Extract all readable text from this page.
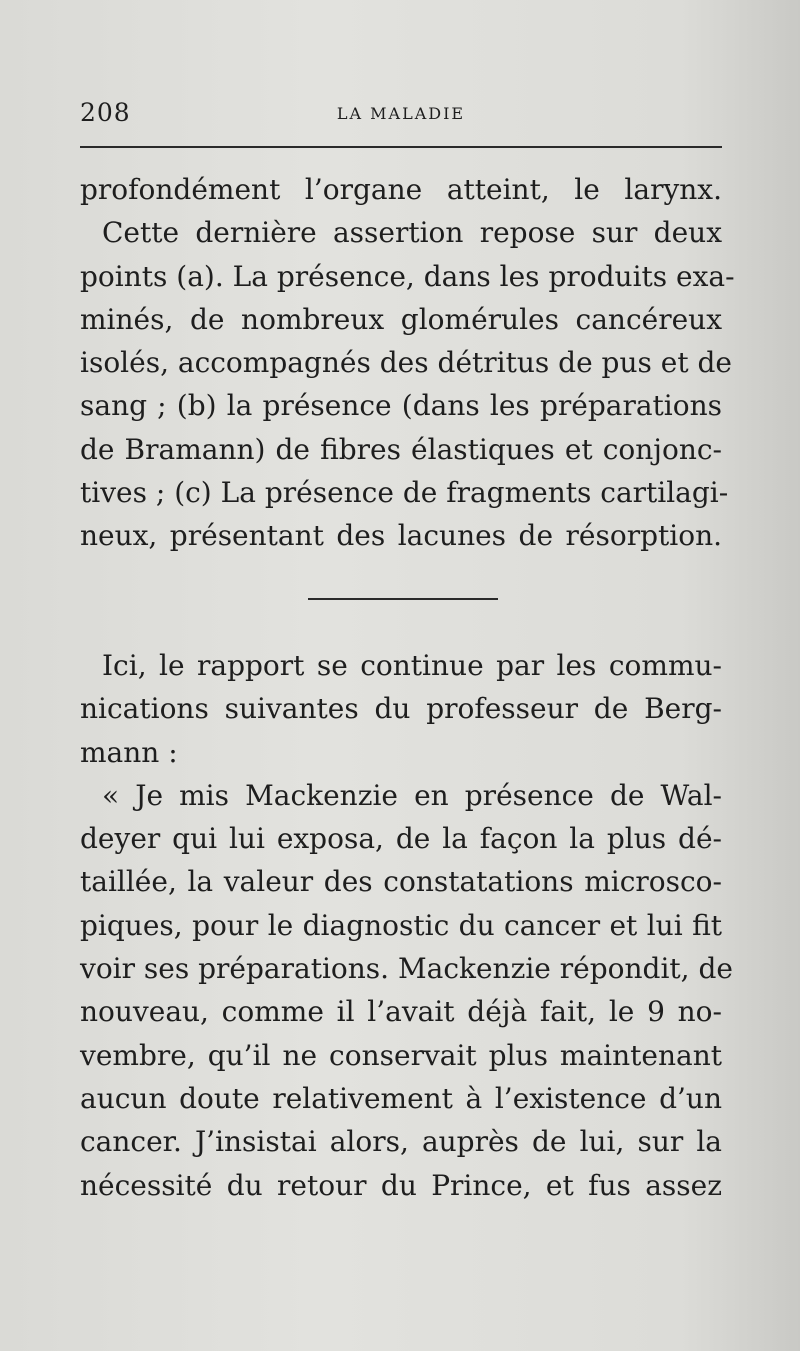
208	LA MALADIE
profondément l’organe atteint, le larynx.
Cette dernière assertion repose sur deux
points (a). La présence, dans les produits exa-
minés, de nombreux glomérules cancéreux
isolés, accompagnés des détritus de pus et de
sang ; (b) la présence (dans les préparations
de Bramann) de fibres élastiques et conjonc-
tives ; (c) La présence de fragments cartilagi-
neux, présentant des lacunes de résorption.
Ici, le rapport se continue par les commu-
nications suivantes du professeur de Berg-
mann :
« Je mis Mackenzie en présence de Wal-
deyer qui lui exposa, de la façon la plus dé-
taillée, la valeur des constatations microsco-
piques, pour le diagnostic du cancer et lui fit
voir ses préparations. Mackenzie répondit, de
nouveau, comme il l’avait déjà fait, le 9 no-
vembre, qu’il ne conservait plus maintenant
aucun doute relativement à l’existence d’un
cancer. J’insistai alors, auprès de lui, sur la
nécessité du retour du Prince, et fus assez
